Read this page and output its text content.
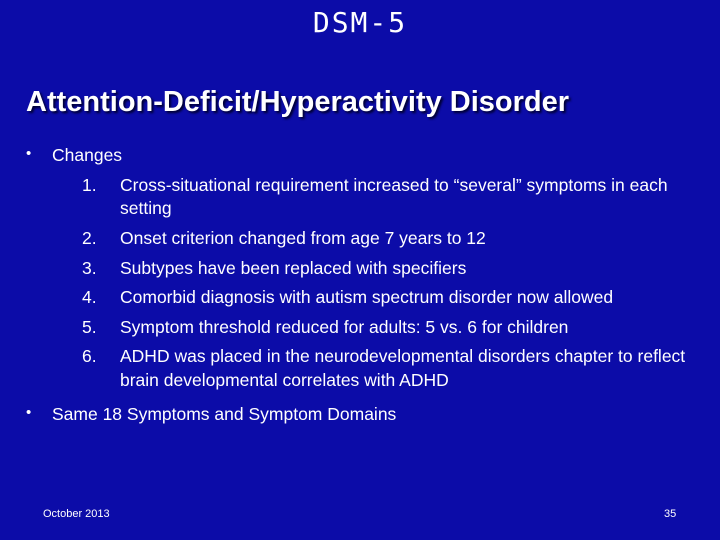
DSM-5
Attention-Deficit/Hyperactivity Disorder
• Changes
1. Cross-situational requirement increased to “several” symptoms in each setting
2. Onset criterion changed from age 7 years to 12
3. Subtypes have been replaced with specifiers
4. Comorbid diagnosis with autism spectrum disorder now allowed
5. Symptom threshold reduced for adults: 5 vs. 6 for children
6. ADHD was placed in the neurodevelopmental disorders chapter to reflect brain developmental correlates with ADHD
• Same 18 Symptoms and Symptom Domains
October 2013	35
